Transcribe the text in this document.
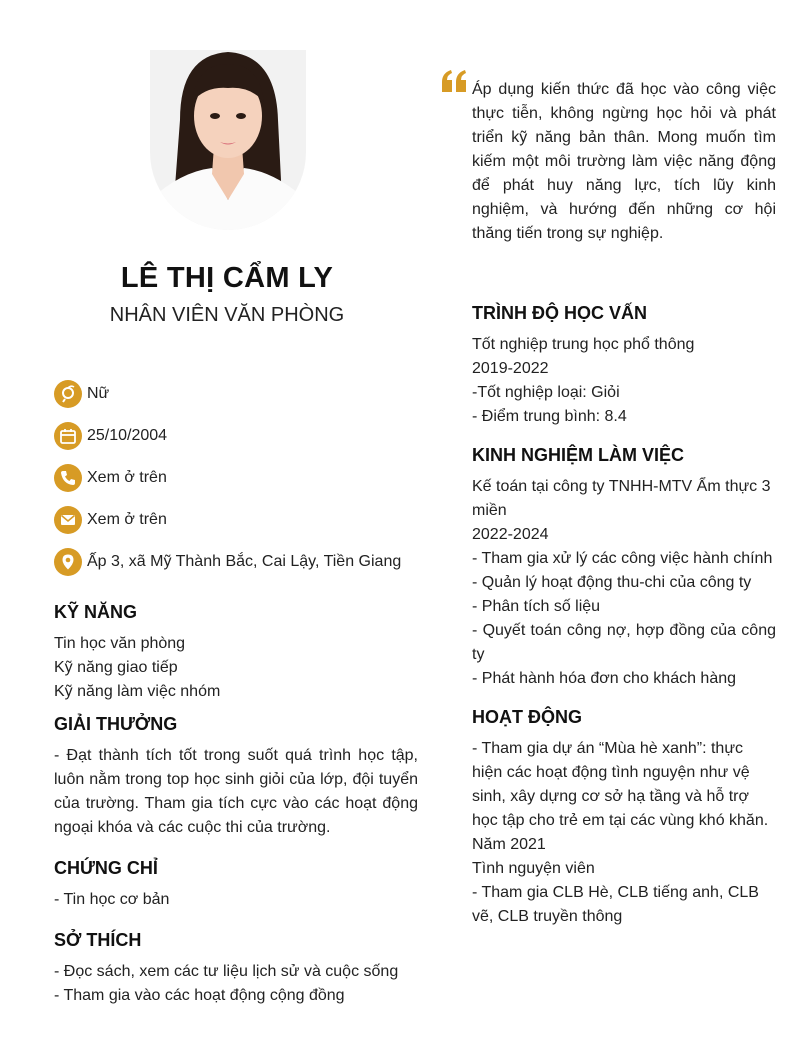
LÊ THỊ CẨM LY
NHÂN VIÊN VĂN PHÒNG
Nữ
25/10/2004
Xem ở trên
Xem ở trên
Ấp 3, xã Mỹ Thành Bắc, Cai Lậy, Tiền Giang
KỸ NĂNG
Tin học văn phòng
Kỹ năng giao tiếp
Kỹ năng làm việc nhóm
GIẢI THƯỞNG
- Đạt thành tích tốt trong suốt quá trình học tập, luôn nằm trong top học sinh giỏi của lớp, đội tuyển của trường. Tham gia tích cực vào các hoạt động ngoại khóa và các cuộc thi của trường.
CHỨNG CHỈ
- Tin học cơ bản
SỞ THÍCH
- Đọc sách, xem các tư liệu lịch sử và cuộc sống
- Tham gia vào các hoạt động cộng đồng
Áp dụng kiến thức đã học vào công việc thực tiễn, không ngừng học hỏi và phát triển kỹ năng bản thân. Mong muốn tìm kiếm một môi trường làm việc năng động để phát huy năng lực, tích lũy kinh nghiệm, và hướng đến những cơ hội thăng tiến trong sự nghiệp.
TRÌNH ĐỘ HỌC VẤN
Tốt nghiệp trung học phổ thông
2019-2022
-Tốt nghiệp loại: Giỏi
- Điểm trung bình: 8.4
KINH NGHIỆM LÀM VIỆC
Kế toán tại công ty TNHH-MTV Ẩm thực 3 miền
2022-2024
- Tham gia xử lý các công việc hành chính
- Quản lý hoạt động thu-chi của công ty
- Phân tích số liệu
- Quyết toán công nợ, hợp đồng của công ty
- Phát hành hóa đơn cho khách hàng
HOẠT ĐỘNG
- Tham gia dự án “Mùa hè xanh”: thực hiện các hoạt động tình nguyện như vệ sinh, xây dựng cơ sở hạ tầng và hỗ trợ học tập cho trẻ em tại các vùng khó khăn.
Năm 2021
Tình nguyện viên
- Tham gia CLB Hè, CLB tiếng anh, CLB vẽ, CLB truyền thông
